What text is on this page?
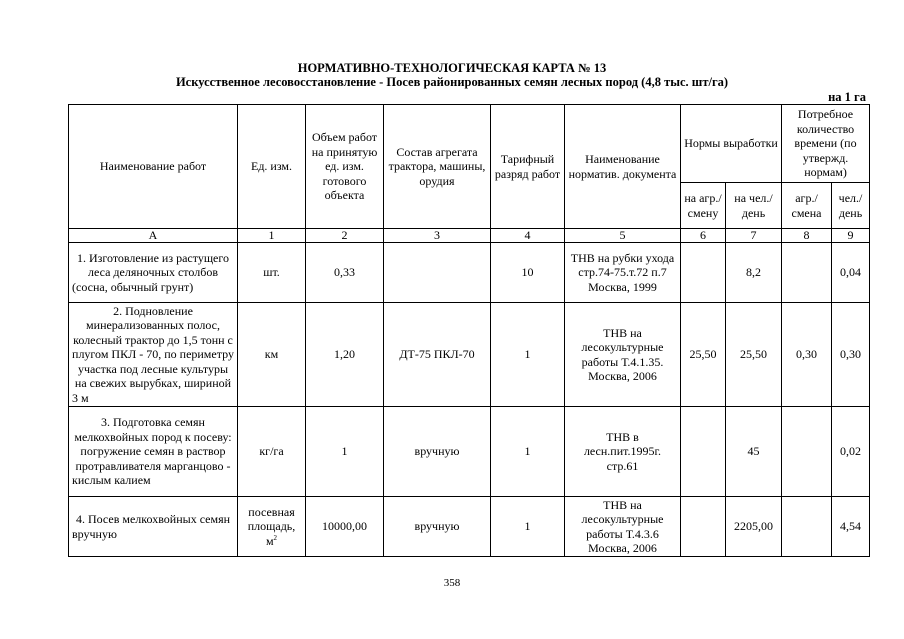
НОРМАТИВНО-ТЕХНОЛОГИЧЕСКАЯ КАРТА № 13
Искусственное лесовосстановление - Посев районированных семян лесных пород (4,8 тыс. шт/га)
на 1 га
Наименование работ	Ед. изм.	Объем работ на принятую ед. изм. готового объекта	Состав агрегата трактора, машины, орудия	Тарифный разряд работ	Наименование норматив. документа	Нормы выработки		Потребное количество времени (по утвержд. нормам)	
						на агр./ смену	на чел./ день	агр./ смена	чел./ день
А	1	2	3	4	5	6	7	8	9
1. Изготовление из растущего леса деляночных столбов (сосна, обычный грунт)	шт.	0,33		10	ТНВ на рубки ухода стр.74-75.т.72 п.7 Москва, 1999		8,2		0,04
2. Подновление минерализованных полос, колесный трактор до 1,5 тонн с плугом ПКЛ - 70, по периметру участка под лесные культуры на свежих вырубках, шириной 3 м	км	1,20	ДТ-75 ПКЛ-70	1	ТНВ на лесокультурные работы Т.4.1.35. Москва, 2006	25,50	25,50	0,30	0,30
3. Подготовка семян мелкохвойных пород к посеву: погружение семян в раствор протравливателя марганцово - кислым калием	кг/га	1	вручную	1	ТНВ в лесн.пит.1995г. стр.61		45		0,02
4. Посев мелкохвойных семян вручную	посевная площадь, $м^2$	10000,00	вручную	1	ТНВ на лесокультурные работы Т.4.3.6 Москва, 2006		2205,00		4,54
358
